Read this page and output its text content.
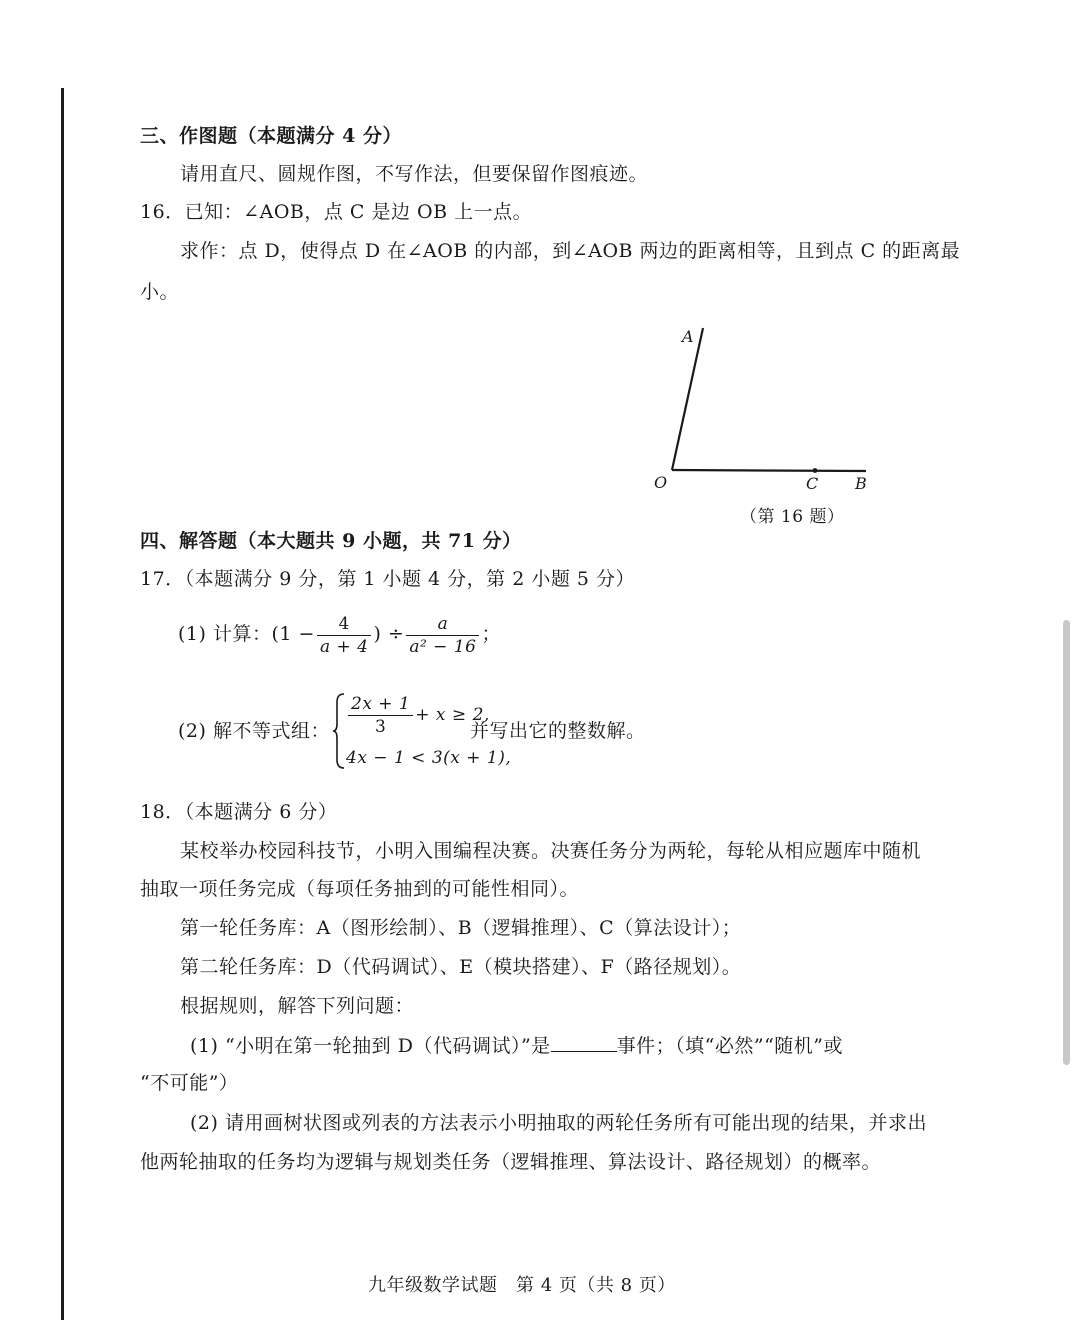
三、作图题（本题满分 4 分）
请用直尺、圆规作图，不写作法，但要保留作图痕迹。
16．已知：∠AOB，点 C 是边 OB 上一点。
求作：点 D，使得点 D 在∠AOB 的内部，到∠AOB 两边的距离相等，且到点 C 的距离最
小。
A
O	C B
（第 16 题）
四、解答题（本大题共 9 小题，共 71 分）
17．（本题满分 9 分，第 1 小题 4 分，第 2 小题 5 分）
(1) 计算：($1 - \frac{4}{a + 4}$ ) ÷ $\frac{a}{\text{a² − 16}}$ ；
(2) 解不等式组： $\frac{2x + 1}{3} + x \ge 2$,
4x − 1 < 3(x + 1),
并写出它的整数解。
18．（本题满分 6 分）
某校举办校园科技节，小明入围编程决赛。决赛任务分为两轮，每轮从相应题库中随机
抽取一项任务完成（每项任务抽到的可能性相同）。
第一轮任务库：A（图形绘制）、B（逻辑推理）、C（算法设计）；
第二轮任务库：D（代码调试）、E（模块搭建）、F（路径规划）。
根据规则，解答下列问题：
(1) “小明在第一轮抽到 D（代码调试）”是	事件；（填“必然”“随机”或
“不可能”）
(2) 请用画树状图或列表的方法表示小明抽取的两轮任务所有可能出现的结果，并求出
他两轮抽取的任务均为逻辑与规划类任务（逻辑推理、算法设计、路径规划）的概率。
九年级数学试题　第 4 页（共 8 页）
